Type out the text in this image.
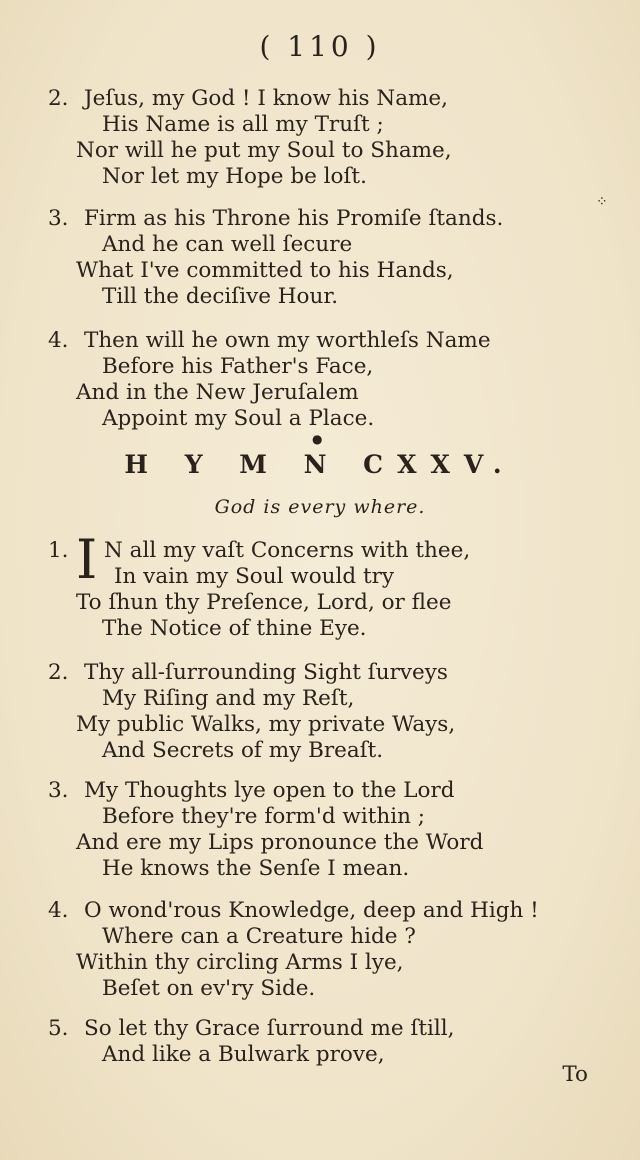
( 110 )
⁘
●
2. Jeſus, my God ! I know his Name,
His Name is all my Truſt ;
Nor will he put my Soul to Shame,
Nor let my Hope be loſt.
3. Firm as his Throne his Promiſe ſtands.
And he can well ſecure
What I've committed to his Hands,
Till the deciſive Hour.
4. Then will he own my worthleſs Name
Before his Father's Face,
And in the New Jeruſalem
Appoint my Soul a Place.
H Y M N CXXV.
God is every where.
1. I N all my vaſt Concerns with thee,
In vain my Soul would try
To ſhun thy Preſence, Lord, or flee
The Notice of thine Eye.
2. Thy all-ſurrounding Sight ſurveys
My Riſing and my Reſt,
My public Walks, my private Ways,
And Secrets of my Breaſt.
3. My Thoughts lye open to the Lord
Before they're form'd within ;
And ere my Lips pronounce the Word
He knows the Senſe I mean.
4. O wond'rous Knowledge, deep and High !
Where can a Creature hide ?
Within thy circling Arms I lye,
Beſet on ev'ry Side.
5. So let thy Grace ſurround me ſtill,
And like a Bulwark prove,
To
